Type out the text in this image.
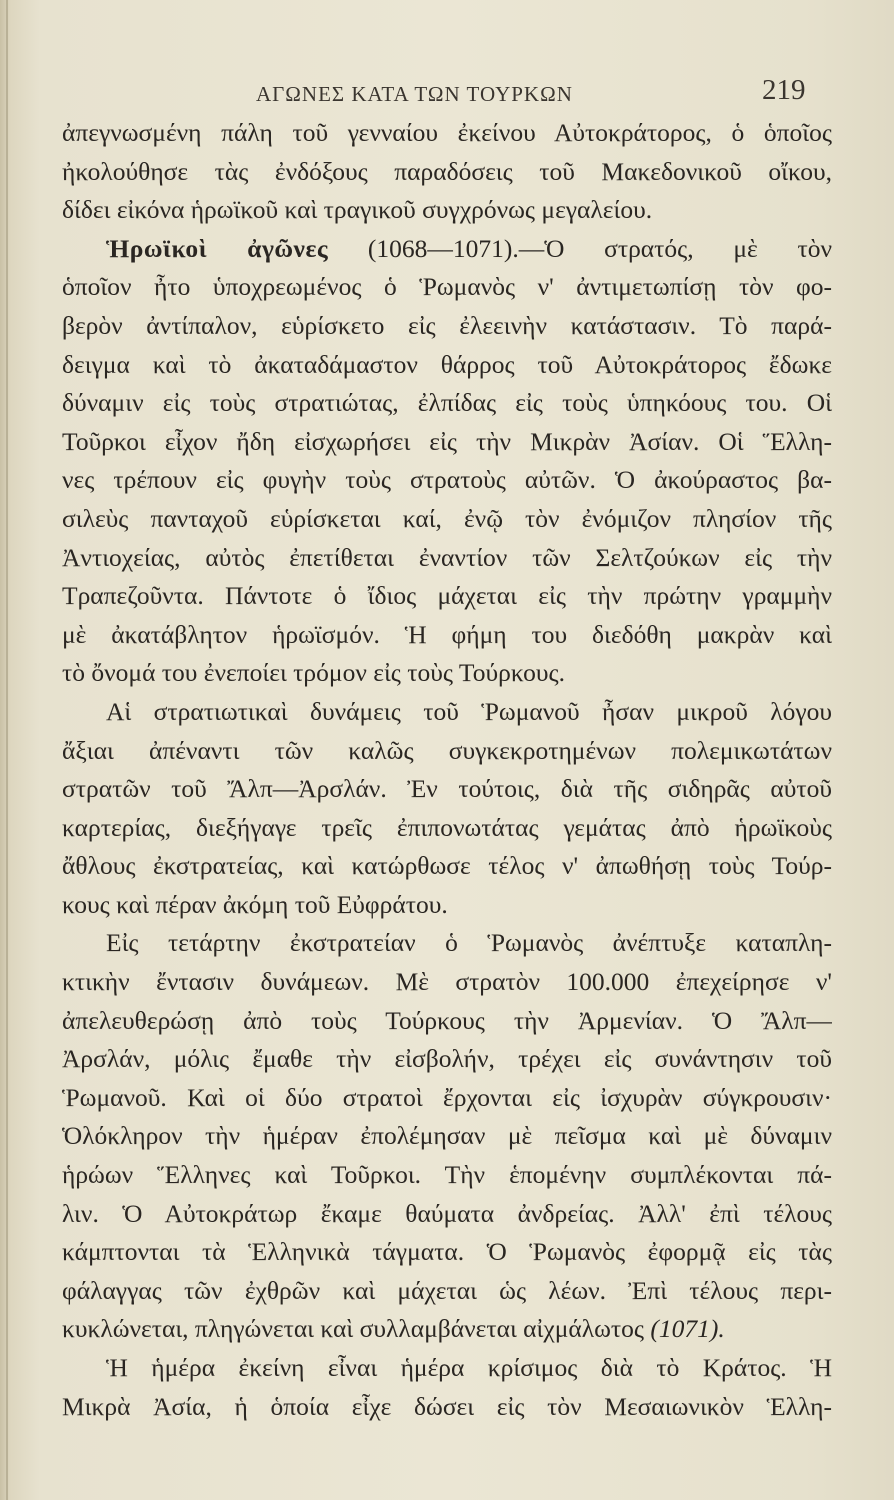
ΑΓΩΝΕΣ ΚΑΤΑ ΤΩΝ ΤΟΥΡΚΩΝ	219
ἀπεγνωσμένη πάλη τοῦ γενναίου ἐκείνου Αὐτοκράτορος, ὁ ὁποῖος
ἠκολούθησε τὰς ἐνδόξους παραδόσεις τοῦ Μακεδονικοῦ οἴκου,
δίδει εἰκόνα ἡρωϊκοῦ καὶ τραγικοῦ συγχρόνως μεγαλείου.
Ἡρωϊκοὶ ἀγῶνες (1068—1071).—Ὁ στρατός, μὲ τὸν
ὁποῖον ἦτο ὑποχρεωμένος ὁ Ῥωμανὸς ν' ἀντιμετωπίσῃ τὸν φο-
βερὸν ἀντίπαλον, εὑρίσκετο εἰς ἐλεεινὴν κατάστασιν. Τὸ παρά-
δειγμα καὶ τὸ ἀκαταδάμαστον θάρρος τοῦ Αὐτοκράτορος ἔδωκε
δύναμιν εἰς τοὺς στρατιώτας, ἐλπίδας εἰς τοὺς ὑπηκόους του. Οἱ
Τοῦρκοι εἶχον ἤδη εἰσχωρήσει εἰς τὴν Μικρὰν Ἀσίαν. Οἱ Ἕλλη-
νες τρέπουν εἰς φυγὴν τοὺς στρατοὺς αὐτῶν. Ὁ ἀκούραστος βα-
σιλεὺς πανταχοῦ εὑρίσκεται καί, ἐνῷ τὸν ἐνόμιζον πλησίον τῆς
Ἀντιοχείας, αὐτὸς ἐπετίθεται ἐναντίον τῶν Σελτζούκων εἰς τὴν
Τραπεζοῦντα. Πάντοτε ὁ ἴδιος μάχεται εἰς τὴν πρώτην γραμμὴν
μὲ ἀκατάβλητον ἡρωϊσμόν. Ἡ φήμη του διεδόθη μακρὰν καὶ
τὸ ὄνομά του ἐνεποίει τρόμον εἰς τοὺς Τούρκους.
Αἱ στρατιωτικαὶ δυνάμεις τοῦ Ῥωμανοῦ ἦσαν μικροῦ λόγου
ἄξιαι ἀπέναντι τῶν καλῶς συγκεκροτημένων πολεμικωτάτων
στρατῶν τοῦ Ἄλπ—Ἀρσλάν. Ἐν τούτοις, διὰ τῆς σιδηρᾶς αὐτοῦ
καρτερίας, διεξήγαγε τρεῖς ἐπιπονωτάτας γεμάτας ἀπὸ ἡρωϊκοὺς
ἄθλους ἐκστρατείας, καὶ κατώρθωσε τέλος ν' ἀπωθήσῃ τοὺς Τούρ-
κους καὶ πέραν ἀκόμη τοῦ Εὐφράτου.
Εἰς τετάρτην ἐκστρατείαν ὁ Ῥωμανὸς ἀνέπτυξε καταπλη-
κτικὴν ἔντασιν δυνάμεων. Μὲ στρατὸν 100.000 ἐπεχείρησε ν'
ἀπελευθερώσῃ ἀπὸ τοὺς Τούρκους τὴν Ἀρμενίαν. Ὁ Ἄλπ—
Ἀρσλάν, μόλις ἔμαθε τὴν εἰσβολήν, τρέχει εἰς συνάντησιν τοῦ
Ῥωμανοῦ. Καὶ οἱ δύο στρατοὶ ἔρχονται εἰς ἰσχυρὰν σύγκρουσιν·
Ὁλόκληρον τὴν ἡμέραν ἐπολέμησαν μὲ πεῖσμα καὶ μὲ δύναμιν
ἡρώων Ἕλληνες καὶ Τοῦρκοι. Τὴν ἑπομένην συμπλέκονται πά-
λιν. Ὁ Αὐτοκράτωρ ἔκαμε θαύματα ἀνδρείας. Ἀλλ' ἐπὶ τέλους
κάμπτονται τὰ Ἑλληνικὰ τάγματα. Ὁ Ῥωμανὸς ἐφορμᾷ εἰς τὰς
φάλαγγας τῶν ἐχθρῶν καὶ μάχεται ὡς λέων. Ἐπὶ τέλους περι-
κυκλώνεται, πληγώνεται καὶ συλλαμβάνεται αἰχμάλωτος (1071).
Ἡ ἡμέρα ἐκείνη εἶναι ἡμέρα κρίσιμος διὰ τὸ Κράτος. Ἡ
Μικρὰ Ἀσία, ἡ ὁποία εἶχε δώσει εἰς τὸν Μεσαιωνικὸν Ἑλλη-
